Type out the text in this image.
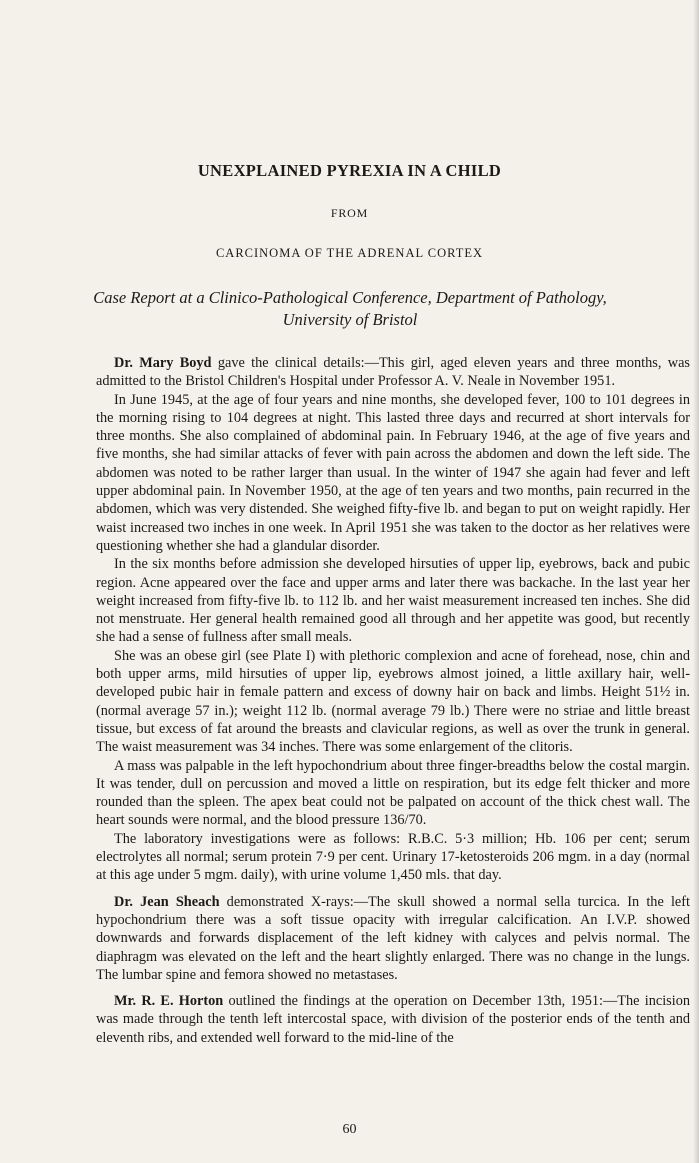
UNEXPLAINED PYREXIA IN A CHILD
FROM
CARCINOMA OF THE ADRENAL CORTEX
Case Report at a Clinico-Pathological Conference, Department of Pathology,
University of Bristol

Dr. Mary Boyd gave the clinical details:—This girl, aged eleven years and three months, was admitted to the Bristol Children's Hospital under Professor A. V. Neale in November 1951.

In June 1945, at the age of four years and nine months, she developed fever, 100 to 101 degrees in the morning rising to 104 degrees at night. This lasted three days and recurred at short intervals for three months. She also complained of abdominal pain. In February 1946, at the age of five years and five months, she had similar attacks of fever with pain across the abdomen and down the left side. The abdomen was noted to be rather larger than usual. In the winter of 1947 she again had fever and left upper abdominal pain. In November 1950, at the age of ten years and two months, pain recurred in the abdomen, which was very distended. She weighed fifty-five lb. and began to put on weight rapidly. Her waist increased two inches in one week. In April 1951 she was taken to the doctor as her relatives were questioning whether she had a glandular disorder.

In the six months before admission she developed hirsuties of upper lip, eyebrows, back and pubic region. Acne appeared over the face and upper arms and later there was backache. In the last year her weight increased from fifty-five lb. to 112 lb. and her waist measurement increased ten inches. She did not menstruate. Her general health remained good all through and her appetite was good, but recently she had a sense of fullness after small meals.

She was an obese girl (see Plate I) with plethoric complexion and acne of forehead, nose, chin and both upper arms, mild hirsuties of upper lip, eyebrows almost joined, a little axillary hair, well-developed pubic hair in female pattern and excess of downy hair on back and limbs. Height 51½ in. (normal average 57 in.); weight 112 lb. (normal average 79 lb.) There were no striae and little breast tissue, but excess of fat around the breasts and clavicular regions, as well as over the trunk in general. The waist measurement was 34 inches. There was some enlargement of the clitoris.

A mass was palpable in the left hypochondrium about three finger-breadths below the costal margin. It was tender, dull on percussion and moved a little on respiration, but its edge felt thicker and more rounded than the spleen. The apex beat could not be palpated on account of the thick chest wall. The heart sounds were normal, and the blood pressure 136/70.

The laboratory investigations were as follows: R.B.C. 5·3 million; Hb. 106 per cent; serum electrolytes all normal; serum protein 7·9 per cent. Urinary 17-ketosteroids 206 mgm. in a day (normal at this age under 5 mgm. daily), with urine volume 1,450 mls. that day.

Dr. Jean Sheach demonstrated X-rays:—The skull showed a normal sella turcica. In the left hypochondrium there was a soft tissue opacity with irregular calcification. An I.V.P. showed downwards and forwards displacement of the left kidney with calyces and pelvis normal. The diaphragm was elevated on the left and the heart slightly enlarged. There was no change in the lungs. The lumbar spine and femora showed no metastases.

Mr. R. E. Horton outlined the findings at the operation on December 13th, 1951:—The incision was made through the tenth left intercostal space, with division of the posterior ends of the tenth and eleventh ribs, and extended well forward to the mid-line of the

60
